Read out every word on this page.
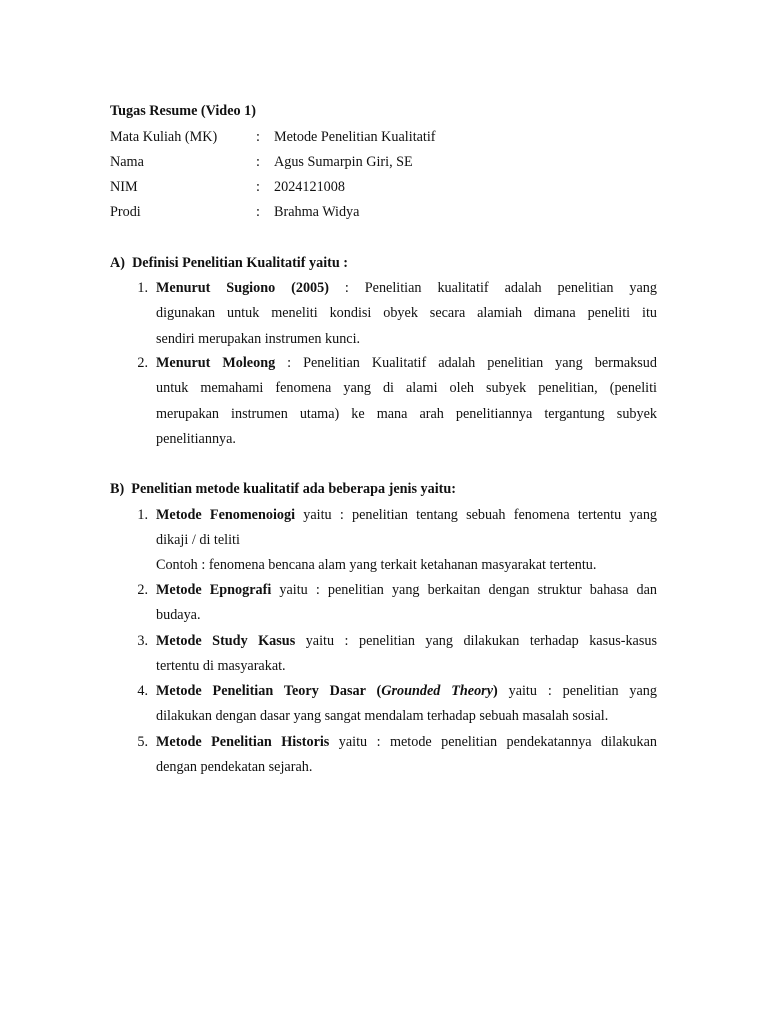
Tugas Resume (Video 1)
Mata Kuliah (MK)	: Metode Penelitian Kualitatif
Nama	: Agus Sumarpin Giri, SE
NIM	: 2024121008
Prodi	: Brahma Widya
A)  Definisi Penelitian Kualitatif yaitu :
1. Menurut Sugiono (2005) : Penelitian kualitatif adalah penelitian yang
digunakan untuk meneliti kondisi obyek secara alamiah dimana peneliti itu
sendiri merupakan instrumen kunci.
2. Menurut Moleong : Penelitian Kualitatif adalah penelitian yang bermaksud
untuk memahami fenomena yang di alami oleh subyek penelitian, (peneliti
merupakan instrumen utama) ke mana arah penelitiannya tergantung subyek
penelitiannya.
B)  Penelitian metode kualitatif ada beberapa jenis yaitu:
1. Metode Fenomenoiogi yaitu : penelitian tentang sebuah fenomena tertentu yang
dikaji / di teliti
Contoh : fenomena bencana alam yang terkait ketahanan masyarakat tertentu.
2. Metode Epnografi yaitu : penelitian yang berkaitan dengan struktur bahasa dan
budaya.
3. Metode Study Kasus yaitu : penelitian yang dilakukan terhadap kasus-kasus
tertentu di masyarakat.
4. Metode Penelitian Teory Dasar (Grounded Theory) yaitu : penelitian yang
dilakukan dengan dasar yang sangat mendalam terhadap sebuah masalah sosial.
5. Metode Penelitian Historis yaitu : metode penelitian pendekatannya dilakukan
dengan pendekatan sejarah.
